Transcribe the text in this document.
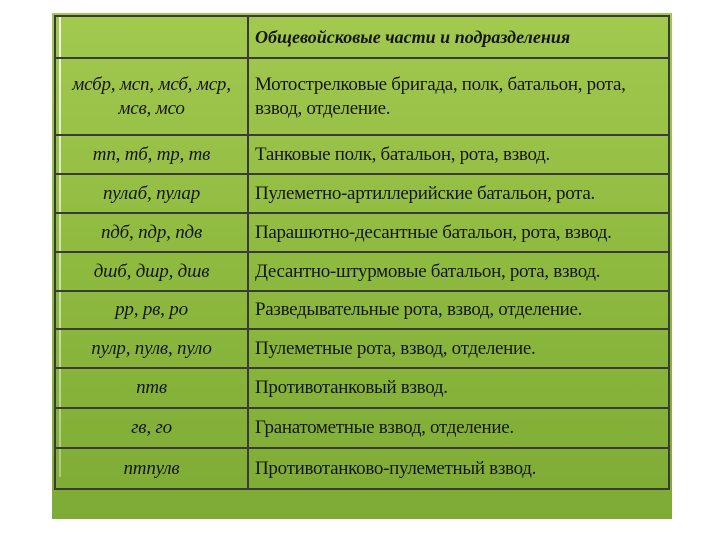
	Общевойсковые части и подразделения
мсбр, мсп, мсб, мср, мсв, мсо	Мотострелковые бригада, полк, батальон, рота, взвод, отделение.
тп, тб, тр, тв	Танковые полк, батальон, рота, взвод.
пулаб, пулар	Пулеметно-артиллерийские батальон, рота.
пдб, пдр, пдв	Парашютно-десантные батальон, рота, взвод.
дшб, дшр, дшв	Десантно-штурмовые батальон, рота, взвод.
рр, рв, ро	Разведывательные рота, взвод, отделение.
пулр, пулв, пуло	Пулеметные рота, взвод, отделение.
птв	Противотанковый взвод.
гв, го	Гранатометные взвод, отделение.
птпулв	Противотанково-пулеметный взвод.
